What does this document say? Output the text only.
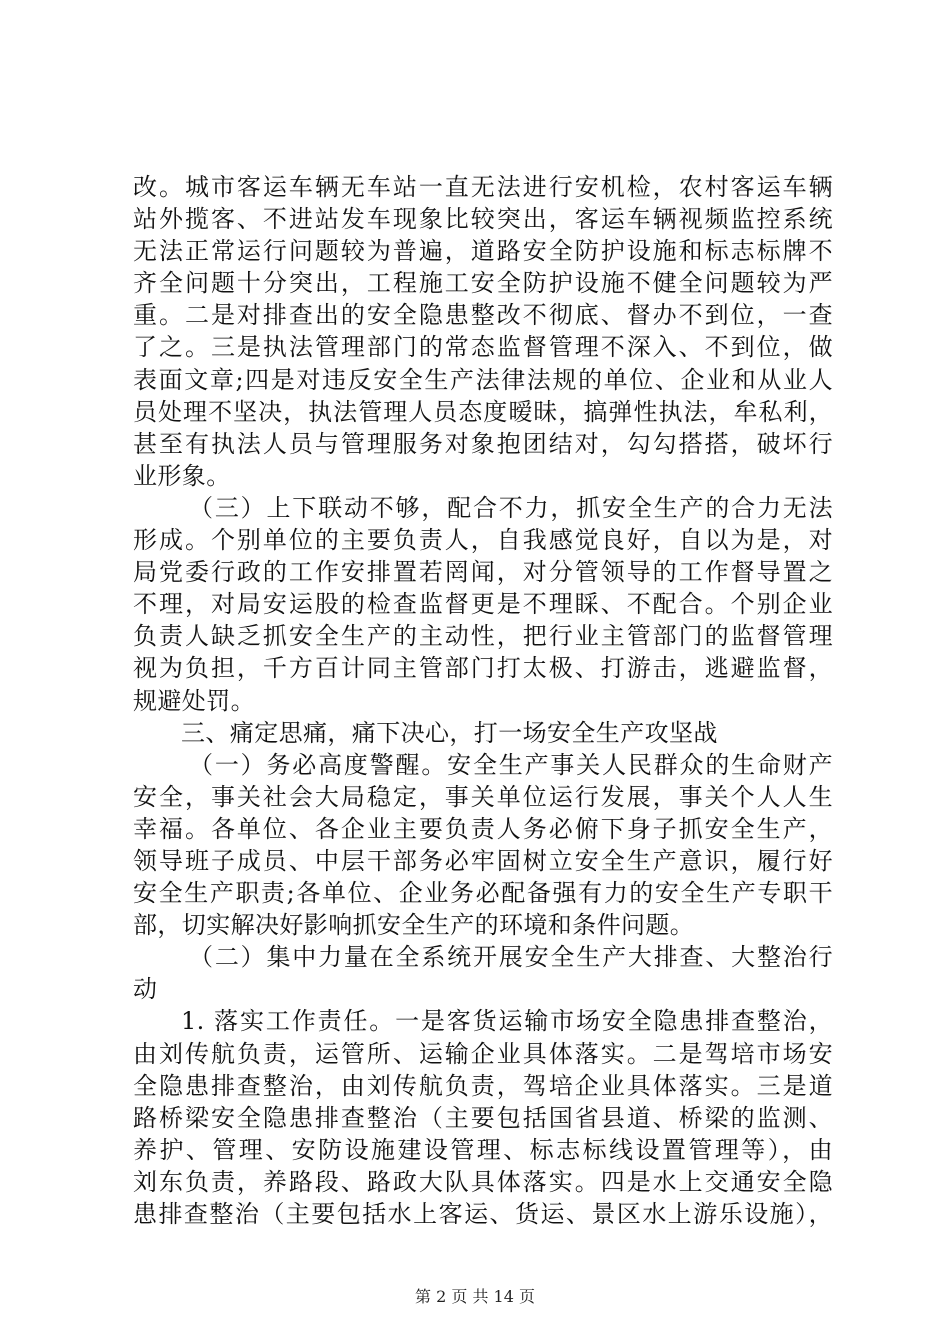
改。城市客运车辆无车站一直无法进行安机检，农村客运车辆
站外揽客、不进站发车现象比较突出，客运车辆视频监控系统
无法正常运行问题较为普遍，道路安全防护设施和标志标牌不
齐全问题十分突出，工程施工安全防护设施不健全问题较为严
重。二是对排查出的安全隐患整改不彻底、督办不到位，一查
了之。三是执法管理部门的常态监督管理不深入、不到位，做
表面文章;四是对违反安全生产法律法规的单位、企业和从业人
员处理不坚决，执法管理人员态度暧昧，搞弹性执法，牟私利，
甚至有执法人员与管理服务对象抱团结对，勾勾搭搭，破坏行
业形象。
（三）上下联动不够，配合不力，抓安全生产的合力无法
形成。个别单位的主要负责人，自我感觉良好，自以为是，对
局党委行政的工作安排置若罔闻，对分管领导的工作督导置之
不理，对局安运股的检查监督更是不理睬、不配合。个别企业
负责人缺乏抓安全生产的主动性，把行业主管部门的监督管理
视为负担，千方百计同主管部门打太极、打游击，逃避监督，
规避处罚。
三、痛定思痛，痛下决心，打一场安全生产攻坚战
（一）务必高度警醒。安全生产事关人民群众的生命财产
安全，事关社会大局稳定，事关单位运行发展，事关个人人生
幸福。各单位、各企业主要负责人务必俯下身子抓安全生产，
领导班子成员、中层干部务必牢固树立安全生产意识，履行好
安全生产职责;各单位、企业务必配备强有力的安全生产专职干
部，切实解决好影响抓安全生产的环境和条件问题。
（二）集中力量在全系统开展安全生产大排查、大整治行
动
1. 落实工作责任。一是客货运输市场安全隐患排查整治，
由刘传航负责，运管所、运输企业具体落实。二是驾培市场安
全隐患排查整治，由刘传航负责，驾培企业具体落实。三是道
路桥梁安全隐患排查整治（主要包括国省县道、桥梁的监测、
养护、管理、安防设施建设管理、标志标线设置管理等），由
刘东负责，养路段、路政大队具体落实。四是水上交通安全隐
患排查整治（主要包括水上客运、货运、景区水上游乐设施），
第 2 页 共 14 页
